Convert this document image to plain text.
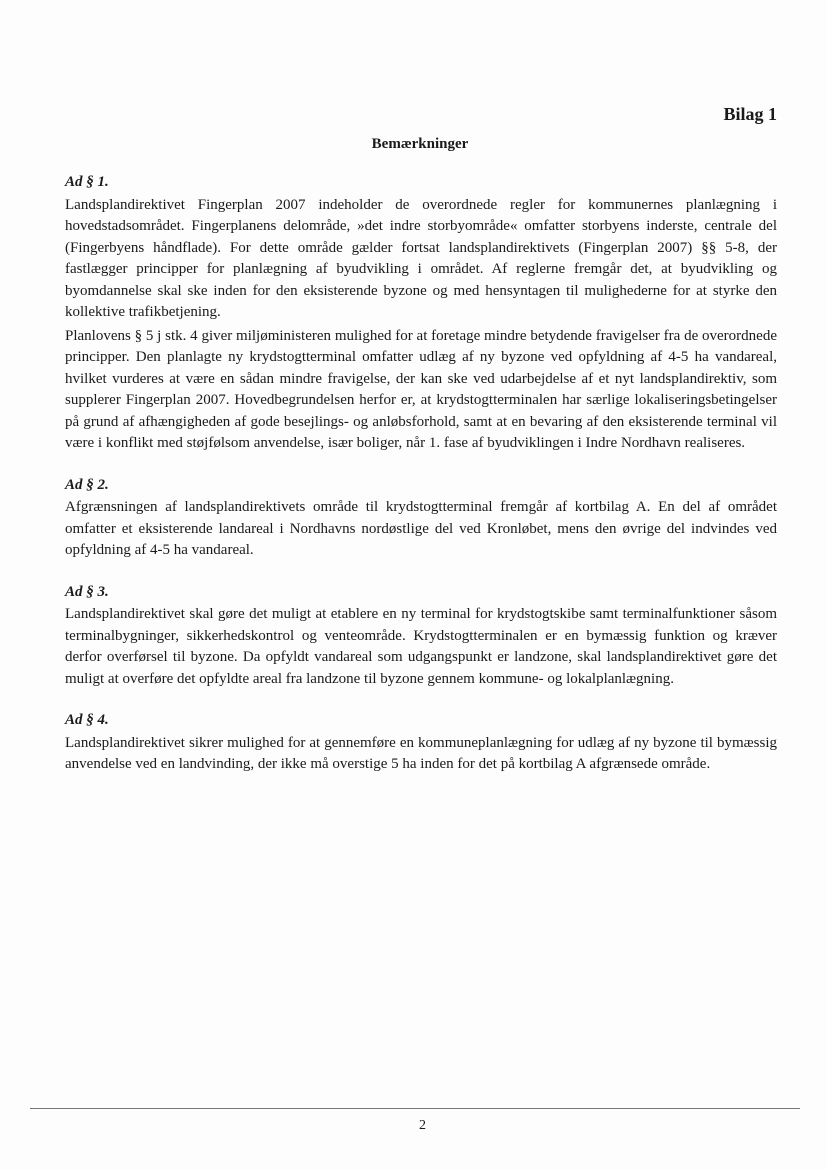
Bilag 1
Bemærkninger

Ad § 1.

Landsplandirektivet Fingerplan 2007 indeholder de overordnede regler for kommunernes planlægning i hovedstadsområdet. Fingerplanens delområde, »det indre storbyområde« omfatter storbyens inderste, centrale del (Fingerbyens håndflade). For dette område gælder fortsat landsplandirektivets (Fingerplan 2007) §§ 5-8, der fastlægger principper for planlægning af byudvikling i området. Af reglerne fremgår det, at byudvikling og byomdannelse skal ske inden for den eksisterende byzone og med hensyntagen til mulighederne for at styrke den kollektive trafikbetjening.

Planlovens § 5 j stk. 4 giver miljøministeren mulighed for at foretage mindre betydende fravigelser fra de overordnede principper. Den planlagte ny krydstogtterminal omfatter udlæg af ny byzone ved opfyldning af 4-5 ha vandareal, hvilket vurderes at være en sådan mindre fravigelse, der kan ske ved udarbejdelse af et nyt landsplandirektiv, som supplerer Fingerplan 2007. Hovedbegrundelsen herfor er, at krydstogtterminalen har særlige lokaliseringsbetingelser på grund af afhængigheden af gode besejlings- og anløbsforhold, samt at en bevaring af den eksisterende terminal vil være i konflikt med støjfølsom anvendelse, især boliger, når 1. fase af byudviklingen i Indre Nordhavn realiseres.

Ad § 2.

Afgrænsningen af landsplandirektivets område til krydstogtterminal fremgår af kortbilag A. En del af området omfatter et eksisterende landareal i Nordhavns nordøstlige del ved Kronløbet, mens den øvrige del indvindes ved opfyldning af 4-5 ha vandareal.

Ad § 3.

Landsplandirektivet skal gøre det muligt at etablere en ny terminal for krydstogtskibe samt terminalfunktioner såsom terminalbygninger, sikkerhedskontrol og venteområde. Krydstogtterminalen er en bymæssig funktion og kræver derfor overførsel til byzone. Da opfyldt vandareal som udgangspunkt er landzone, skal landsplandirektivet gøre det muligt at overføre det opfyldte areal fra landzone til byzone gennem kommune- og lokalplanlægning.

Ad § 4.

Landsplandirektivet sikrer mulighed for at gennemføre en kommuneplanlægning for udlæg af ny byzone til bymæssig anvendelse ved en landvinding, der ikke må overstige 5 ha inden for det på kortbilag A afgrænsede område.

2
